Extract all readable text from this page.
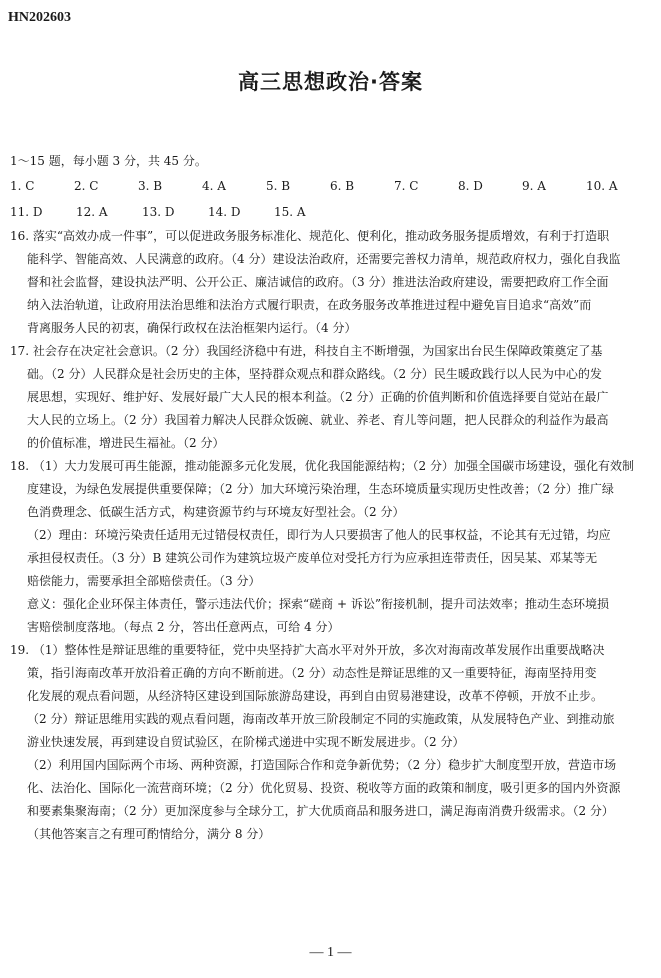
HN202603
高三思想政治·答案
1～15 题，每小题 3 分，共 45 分。
1. C	2. C	3. B	4. A	5. B	6. B	7. C	8. D	9. A	10. A
11. D	12. A	13. D	14. D	15. A
16. 落实“高效办成一件事”，可以促进政务服务标准化、规范化、便利化，推动政务服务提质增效，有利于打造职
能科学、智能高效、人民满意的政府。（4 分）建设法治政府，还需要完善权力清单，规范政府权力，强化自我监
督和社会监督，建设执法严明、公开公正、廉洁诚信的政府。（3 分）推进法治政府建设，需要把政府工作全面
纳入法治轨道，让政府用法治思维和法治方式履行职责，在政务服务改革推进过程中避免盲目追求“高效”而
背离服务人民的初衷，确保行政权在法治框架内运行。（4 分）
17. 社会存在决定社会意识。（2 分）我国经济稳中有进，科技自主不断增强，为国家出台民生保障政策奠定了基
础。（2 分）人民群众是社会历史的主体，坚持群众观点和群众路线。（2 分）民生暖政践行以人民为中心的发
展思想，实现好、维护好、发展好最广大人民的根本利益。（2 分）正确的价值判断和价值选择要自觉站在最广
大人民的立场上。（2 分）我国着力解决人民群众饭碗、就业、养老、育儿等问题，把人民群众的利益作为最高
的价值标准，增进民生福祉。（2 分）
18. （1）大力发展可再生能源，推动能源多元化发展，优化我国能源结构；（2 分）加强全国碳市场建设，强化有效制
度建设，为绿色发展提供重要保障；（2 分）加大环境污染治理，生态环境质量实现历史性改善；（2 分）推广绿
色消费理念、低碳生活方式，构建资源节约与环境友好型社会。（2 分）
（2）理由：环境污染责任适用无过错侵权责任，即行为人只要损害了他人的民事权益，不论其有无过错，均应
承担侵权责任。（3 分）B 建筑公司作为建筑垃圾产废单位对受托方行为应承担连带责任，因吴某、邓某等无
赔偿能力，需要承担全部赔偿责任。（3 分）
意义：强化企业环保主体责任，警示违法代价；探索“磋商 + 诉讼”衔接机制，提升司法效率；推动生态环境损
害赔偿制度落地。（每点 2 分，答出任意两点，可给 4 分）
19. （1）整体性是辩证思维的重要特征，党中央坚持扩大高水平对外开放，多次对海南改革发展作出重要战略决
策，指引海南改革开放沿着正确的方向不断前进。（2 分）动态性是辩证思维的又一重要特征，海南坚持用变
化发展的观点看问题，从经济特区建设到国际旅游岛建设，再到自由贸易港建设，改革不停顿，开放不止步。
（2 分）辩证思维用实践的观点看问题，海南改革开放三阶段制定不同的实施政策，从发展特色产业、到推动旅
游业快速发展，再到建设自贸试验区，在阶梯式递进中实现不断发展进步。（2 分）
（2）利用国内国际两个市场、两种资源，打造国际合作和竞争新优势；（2 分）稳步扩大制度型开放，营造市场
化、法治化、国际化一流营商环境；（2 分）优化贸易、投资、税收等方面的政策和制度，吸引更多的国内外资源
和要素集聚海南；（2 分）更加深度参与全球分工，扩大优质商品和服务进口，满足海南消费升级需求。（2 分）
（其他答案言之有理可酌情给分，满分 8 分）
— 1 —
